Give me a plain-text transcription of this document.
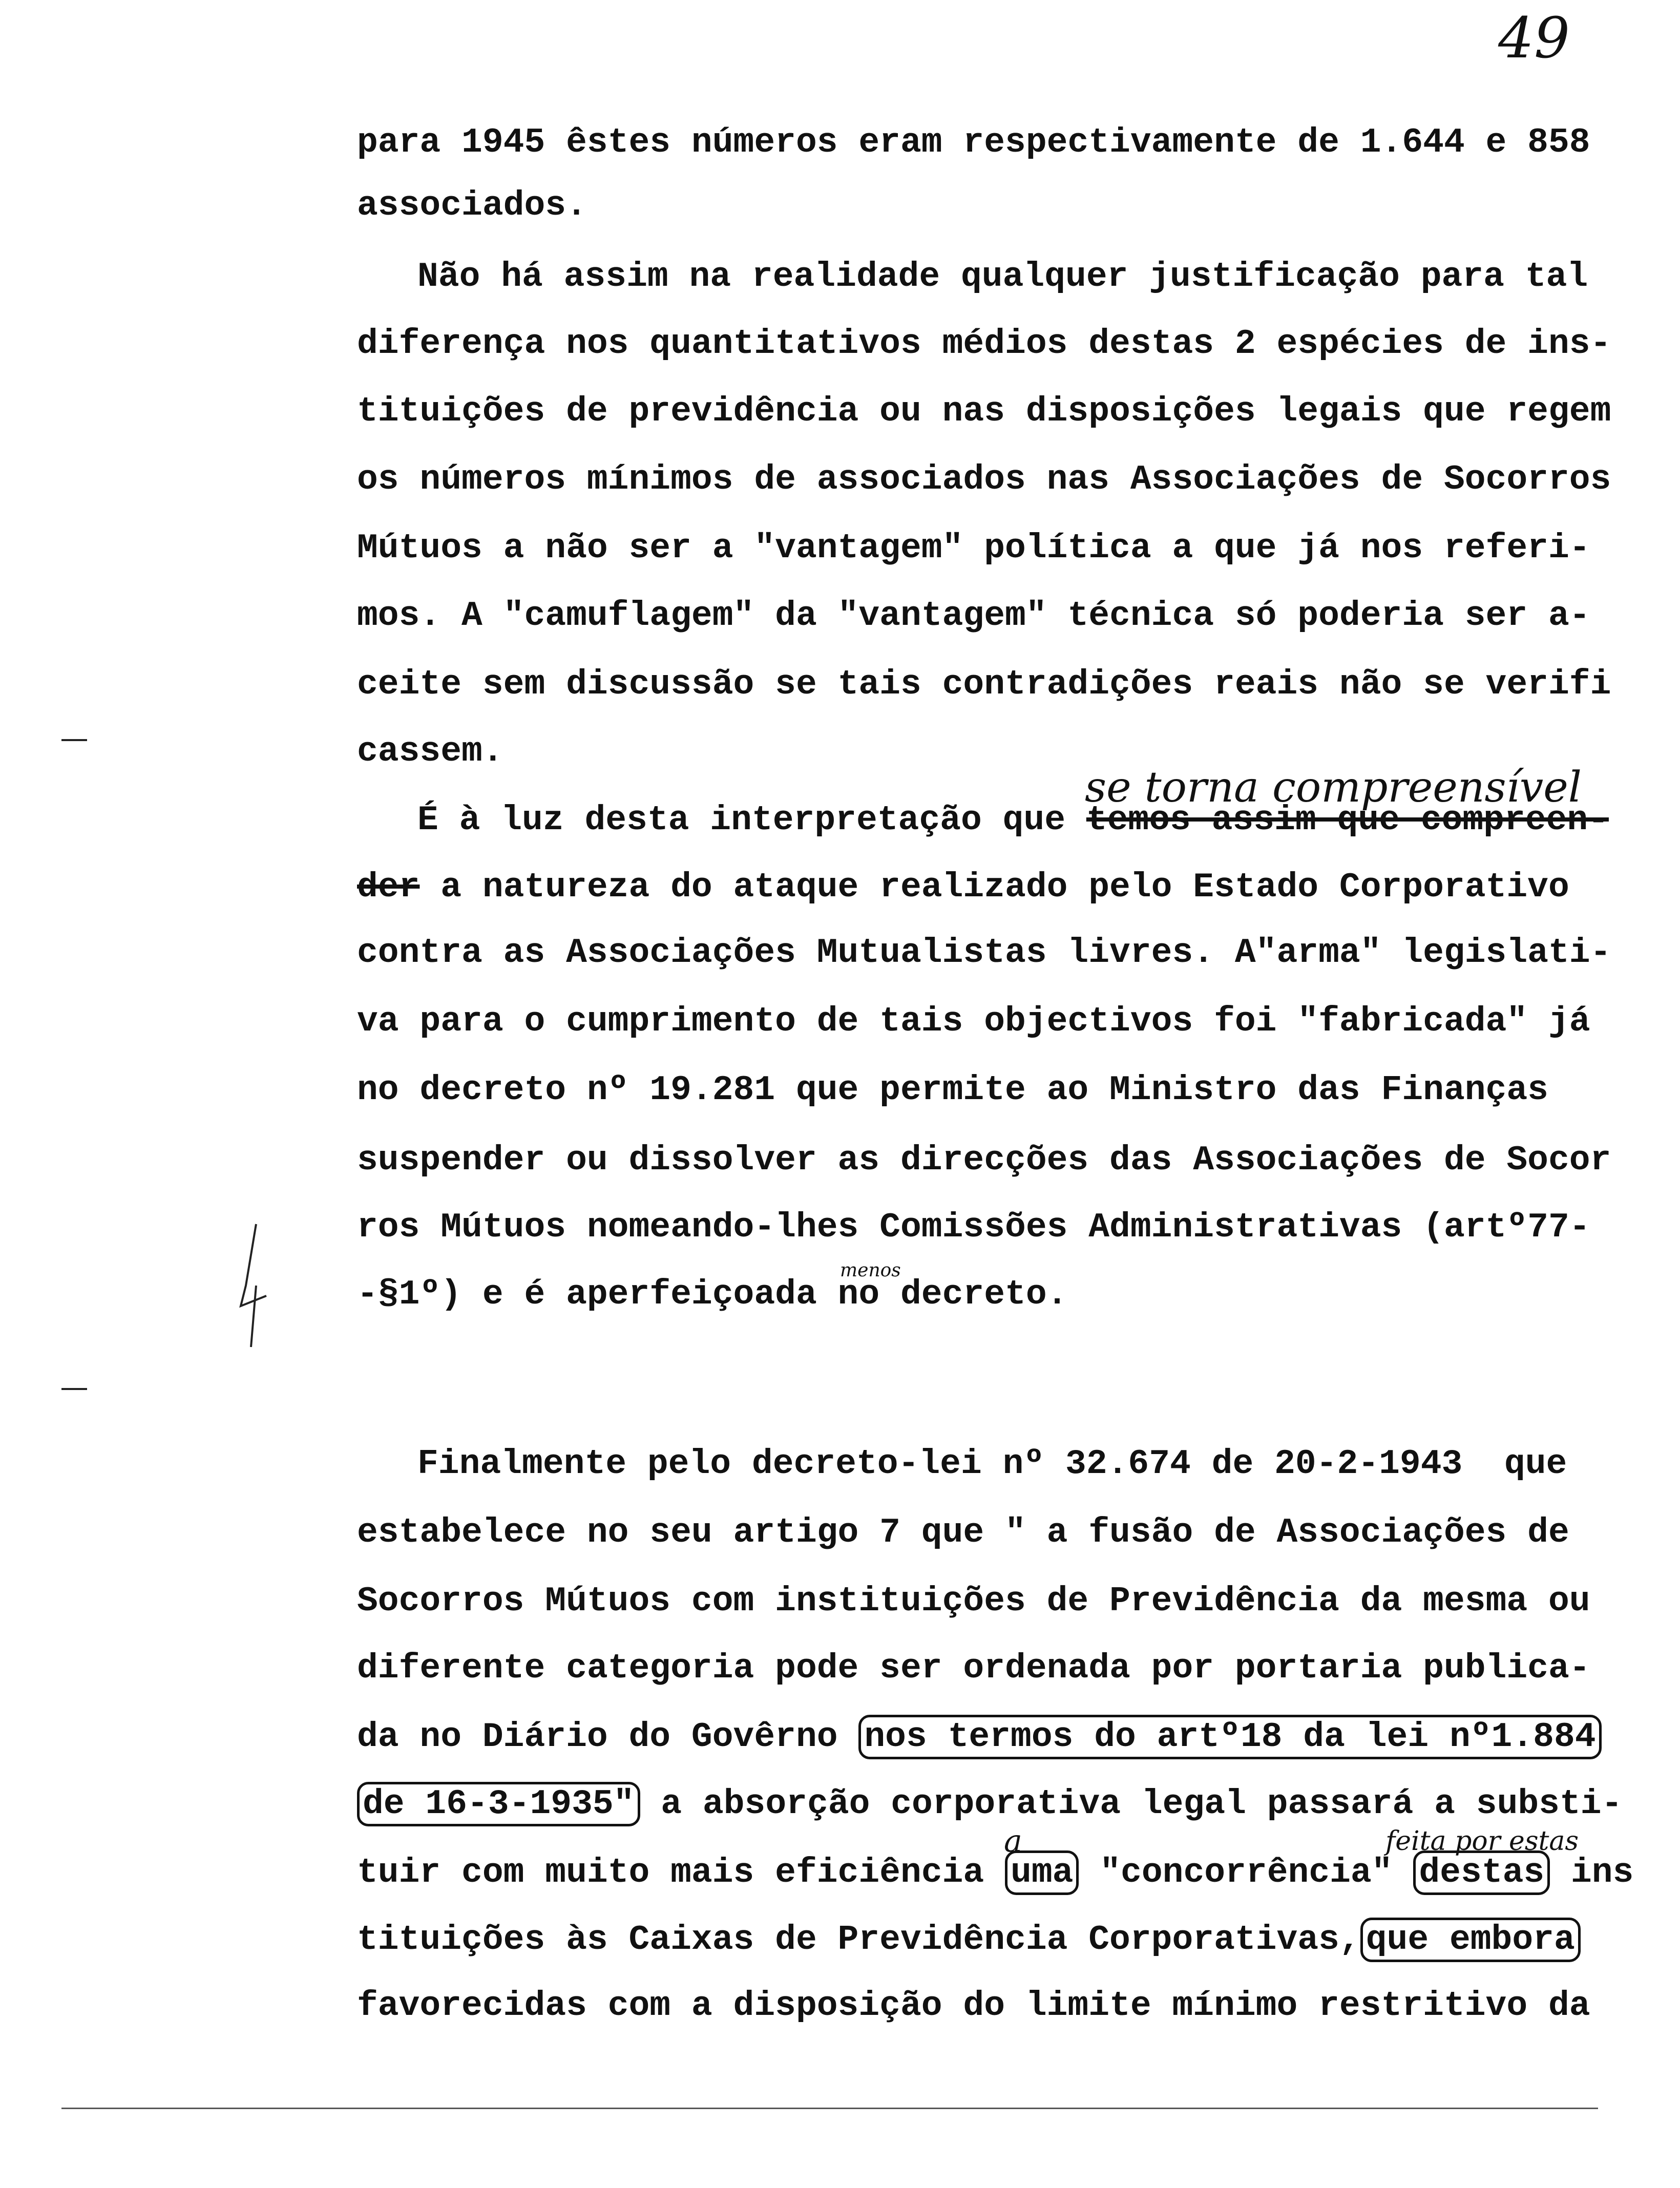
49
para 1945 êstes números eram respectivamente de 1.644 e 858
associados.
Não há assim na realidade qualquer justificação para tal
diferença nos quantitativos médios destas 2 espécies de ins-
tituições de previdência ou nas disposições legais que regem
os números mínimos de associados nas Associações de Socorros
Mútuos a não ser a "vantagem" política a que já nos referi-
mos. A "camuflagem" da "vantagem" técnica só poderia ser a-
ceite sem discussão se tais contradições reais não se verifi
cassem.
É à luz desta interpretação que temos assim que compreen-
der a natureza do ataque realizado pelo Estado Corporativo
contra as Associações Mutualistas livres. A"arma" legislati-
va para o cumprimento de tais objectivos foi "fabricada" já
no decreto nº 19.281 que permite ao Ministro das Finanças
suspender ou dissolver as direcções das Associações de Socor
ros Mútuos nomeando-lhes Comissões Administrativas (artº77-
-§1º) e é aperfeiçoada no decreto.
Finalmente pelo decreto-lei nº 32.674 de 20-2-1943  que
estabelece no seu artigo 7 que " a fusão de Associações de
Socorros Mútuos com instituições de Previdência da mesma ou
diferente categoria pode ser ordenada por portaria publica-
da no Diário do Govêrno nos termos do artº18 da lei nº1.884
de 16-3-1935" a absorção corporativa legal passará a substi-
tuir com muito mais eficiência uma "concorrência" destas ins
tituições às Caixas de Previdência Corporativas, que embora
favorecidas com a disposição do limite mínimo restritivo da
se torna compreensível
menos
a	feita por estas
